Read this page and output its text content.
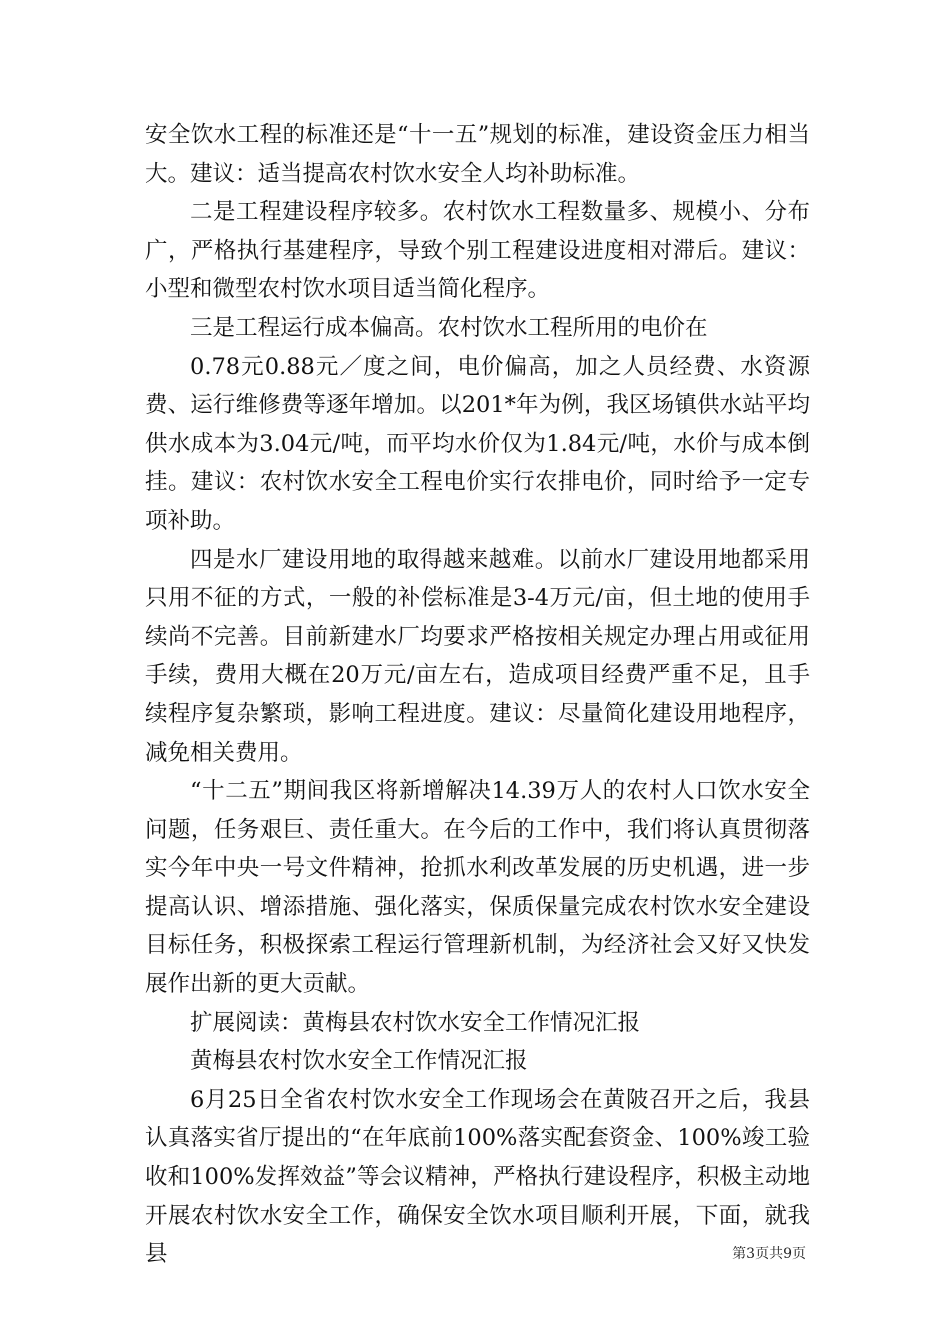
安全饮水工程的标准还是“十一五”规划的标准，建设资金压力相当大。建议：适当提高农村饮水安全人均补助标准。

二是工程建设程序较多。农村饮水工程数量多、规模小、分布广，严格执行基建程序，导致个别工程建设进度相对滞后。建议：小型和微型农村饮水项目适当简化程序。

三是工程运行成本偏高。农村饮水工程所用的电价在

0.78元0.88元／度之间，电价偏高，加之人员经费、水资源费、运行维修费等逐年增加。以201*年为例，我区场镇供水站平均供水成本为3.04元/吨，而平均水价仅为1.84元/吨，水价与成本倒挂。建议：农村饮水安全工程电价实行农排电价，同时给予一定专项补助。

四是水厂建设用地的取得越来越难。以前水厂建设用地都采用只用不征的方式，一般的补偿标准是3-4万元/亩，但土地的使用手续尚不完善。目前新建水厂均要求严格按相关规定办理占用或征用手续，费用大概在20万元/亩左右，造成项目经费严重不足，且手续程序复杂繁琐，影响工程进度。建议：尽量简化建设用地程序，减免相关费用。

“十二五”期间我区将新增解决14.39万人的农村人口饮水安全问题，任务艰巨、责任重大。在今后的工作中，我们将认真贯彻落实今年中央一号文件精神，抢抓水利改革发展的历史机遇，进一步提高认识、增添措施、强化落实，保质保量完成农村饮水安全建设目标任务，积极探索工程运行管理新机制，为经济社会又好又快发展作出新的更大贡献。

扩展阅读：黄梅县农村饮水安全工作情况汇报

黄梅县农村饮水安全工作情况汇报

6月25日全省农村饮水安全工作现场会在黄陂召开之后，我县认真落实省厅提出的“在年底前100%落实配套资金、100%竣工验收和100%发挥效益”等会议精神，严格执行建设程序，积极主动地开展农村饮水安全工作，确保安全饮水项目顺利开展，下面，就我县	第3页共9页
